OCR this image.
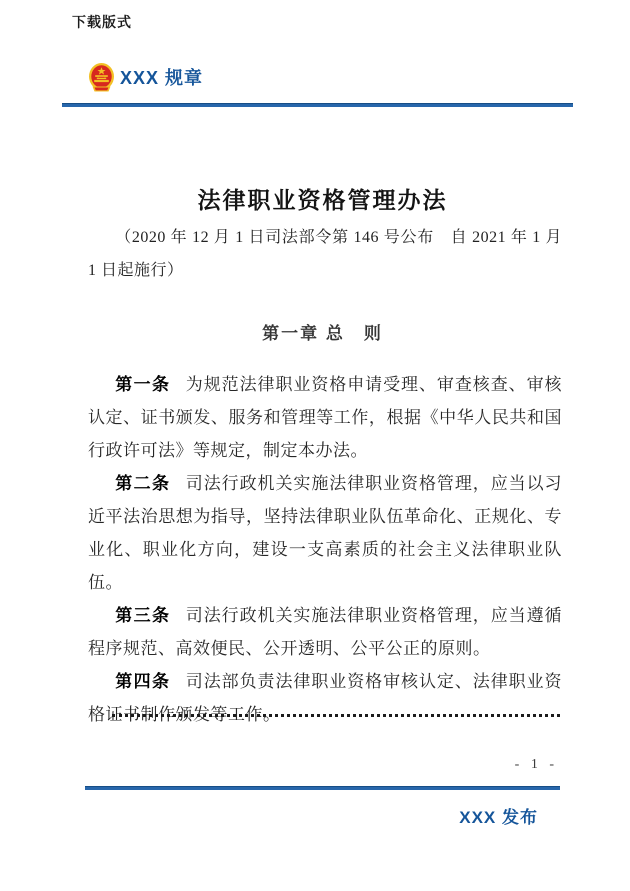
下载版式
XXX 规章
法律职业资格管理办法

（2020 年 12 月 1 日司法部令第 146 号公布　自 2021 年 1 月 1 日起施行）

第一章 总　则

第一条 为规范法律职业资格申请受理、审查核查、审核认定、证书颁发、服务和管理等工作，根据《中华人民共和国行政许可法》等规定，制定本办法。

第二条 司法行政机关实施法律职业资格管理，应当以习近平法治思想为指导，坚持法律职业队伍革命化、正规化、专业化、职业化方向，建设一支高素质的社会主义法律职业队伍。

第三条 司法行政机关实施法律职业资格管理，应当遵循程序规范、高效便民、公开透明、公平公正的原则。

第四条 司法部负责法律职业资格审核认定、法律职业资格证书制作颁发等工作。

- 1 -
XXX 发布
